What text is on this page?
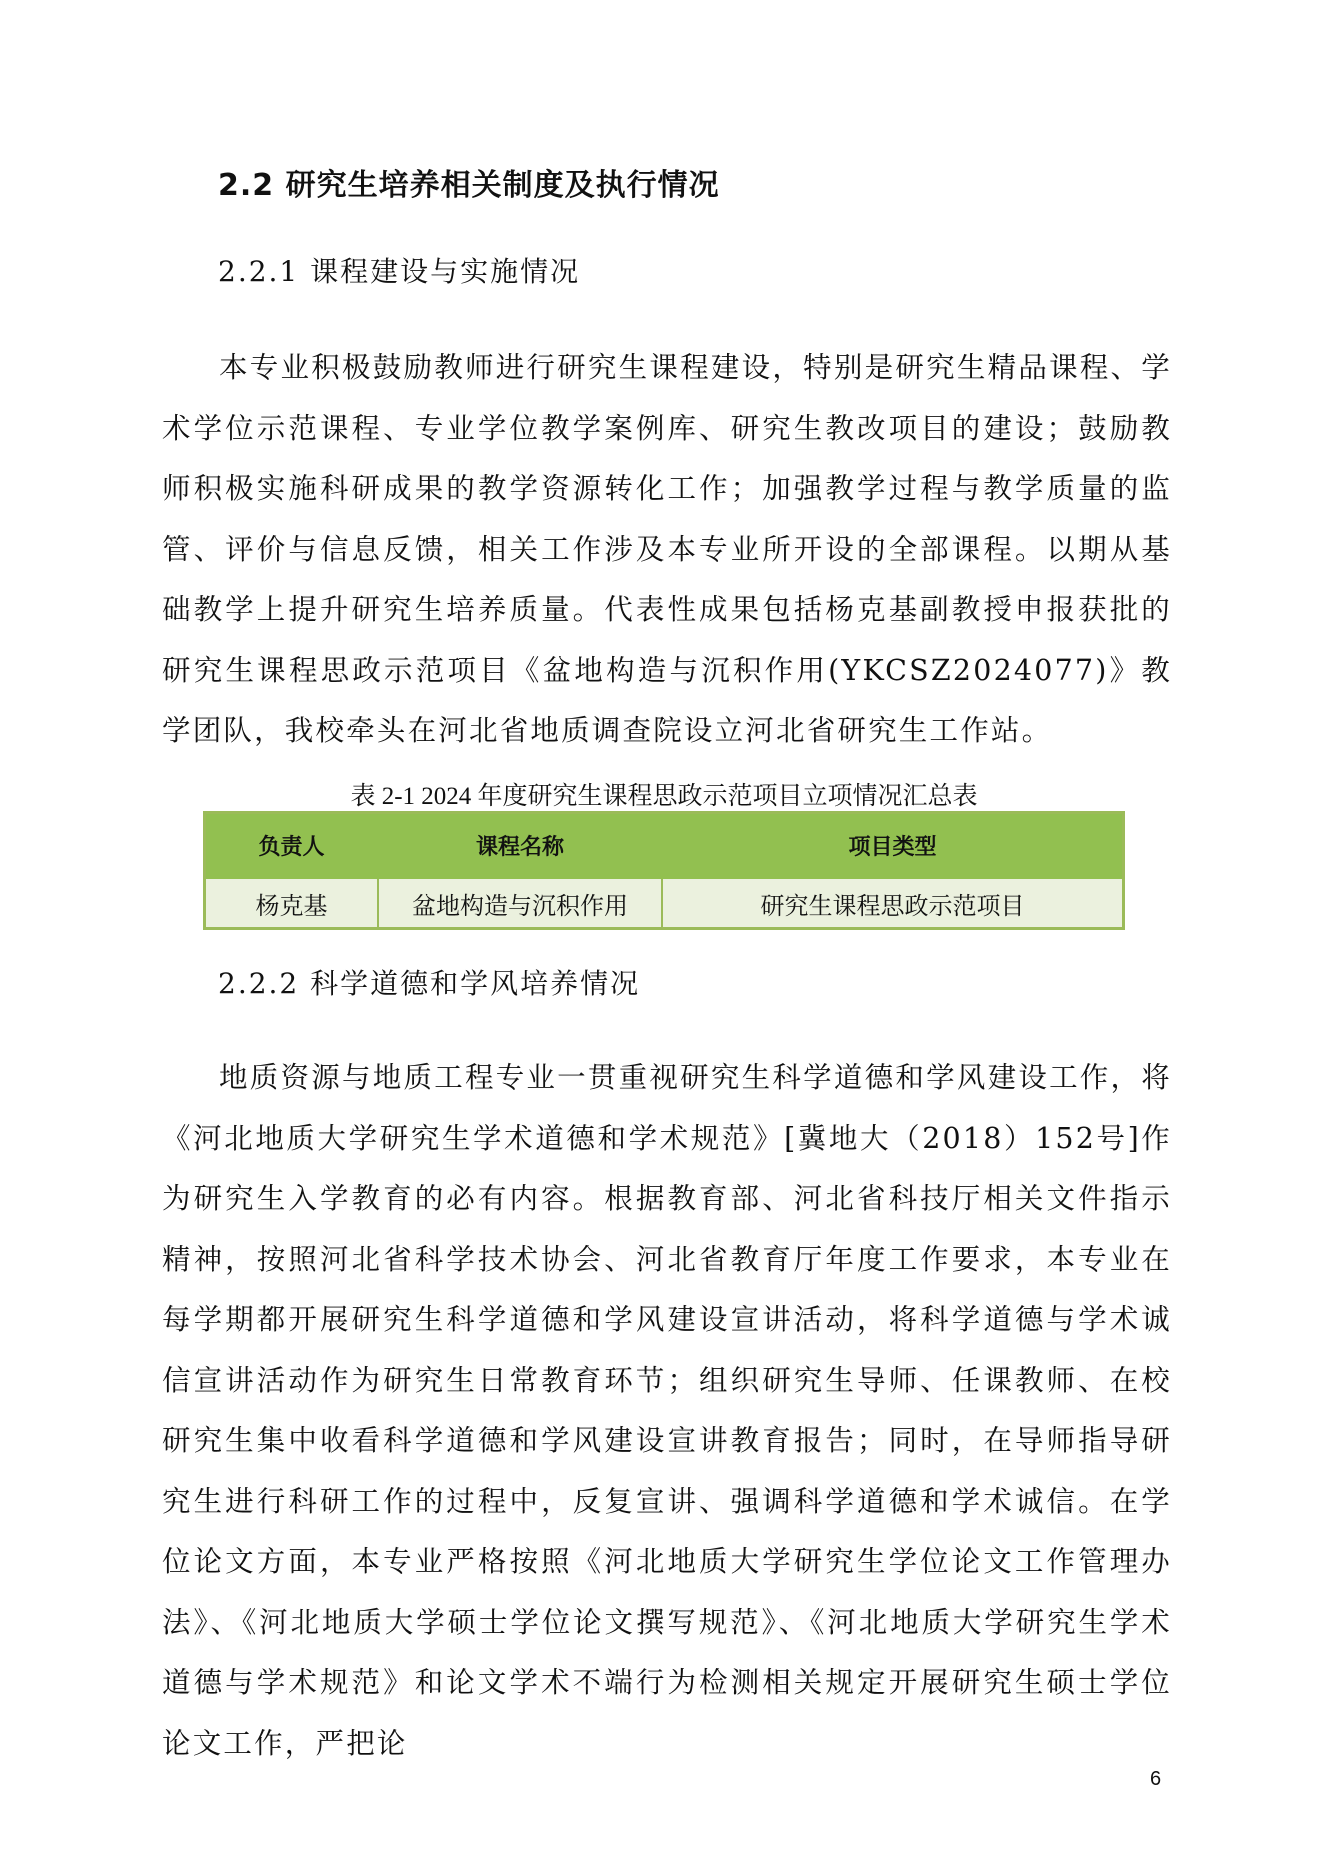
2.2 研究生培养相关制度及执行情况
2.2.1 课程建设与实施情况

本专业积极鼓励教师进行研究生课程建设，特别是研究生精品课程、学术学位示范课程、专业学位教学案例库、研究生教改项目的建设；鼓励教师积极实施科研成果的教学资源转化工作；加强教学过程与教学质量的监管、评价与信息反馈，相关工作涉及本专业所开设的全部课程。以期从基础教学上提升研究生培养质量。代表性成果包括杨克基副教授申报获批的研究生课程思政示范项目《盆地构造与沉积作用(YKCSZ2024077)》教学团队，我校牵头在河北省地质调查院设立河北省研究生工作站。

表 2-1 2024 年度研究生课程思政示范项目立项情况汇总表
负责人	课程名称	项目类型
杨克基	盆地构造与沉积作用	研究生课程思政示范项目
2.2.2 科学道德和学风培养情况

地质资源与地质工程专业一贯重视研究生科学道德和学风建设工作，将《河北地质大学研究生学术道德和学术规范》[冀地大（2018）152号]作为研究生入学教育的必有内容。根据教育部、河北省科技厅相关文件指示精神，按照河北省科学技术协会、河北省教育厅年度工作要求，本专业在每学期都开展研究生科学道德和学风建设宣讲活动，将科学道德与学术诚信宣讲活动作为研究生日常教育环节；组织研究生导师、任课教师、在校研究生集中收看科学道德和学风建设宣讲教育报告；同时，在导师指导研究生进行科研工作的过程中，反复宣讲、强调科学道德和学术诚信。在学位论文方面，本专业严格按照《河北地质大学研究生学位论文工作管理办法》、《河北地质大学硕士学位论文撰写规范》、《河北地质大学研究生学术道德与学术规范》和论文学术不端行为检测相关规定开展研究生硕士学位论文工作，严把论

6
